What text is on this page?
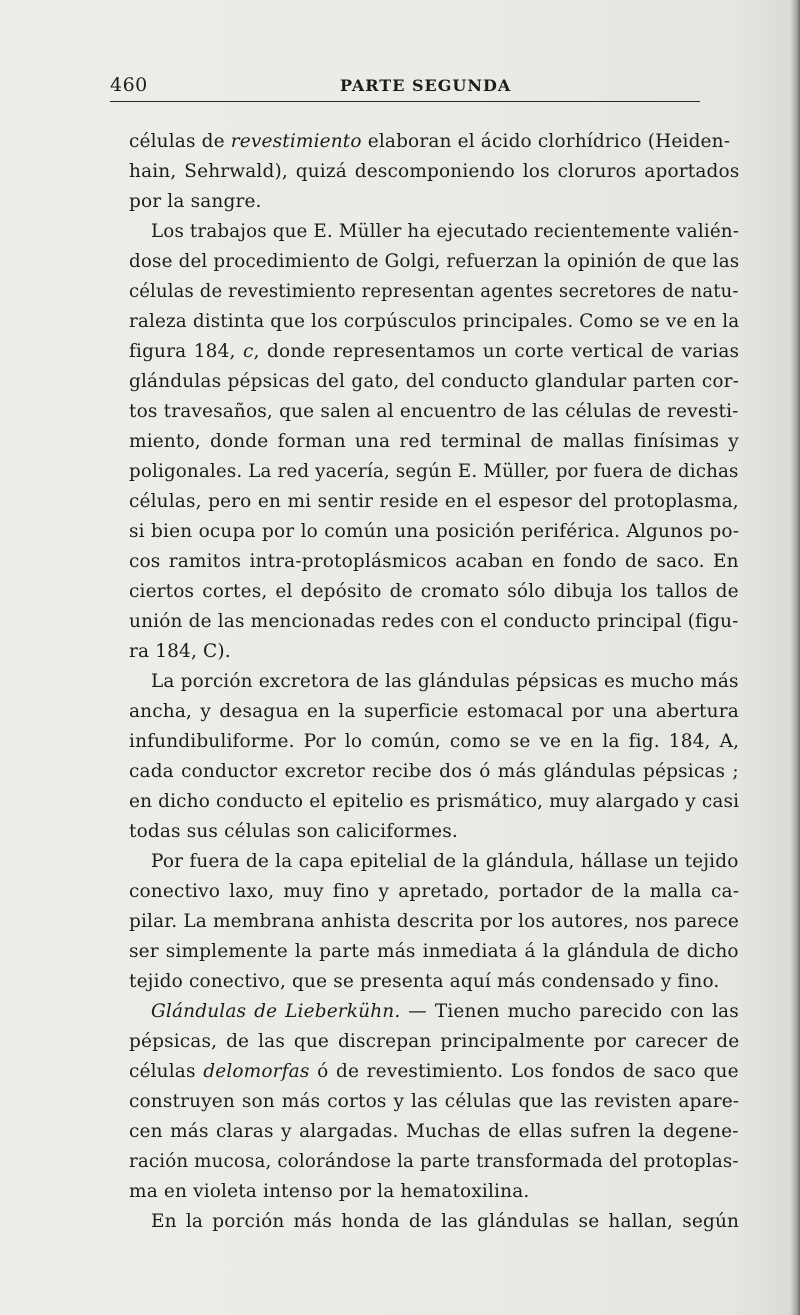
460	PARTE SEGUNDA
células de revestimiento elaboran el ácido clorhídrico (Heiden-
hain, Sehrwald), quizá descomponiendo los cloruros aportados
por la sangre.
Los trabajos que E. Müller ha ejecutado recientemente valién-
dose del procedimiento de Golgi, refuerzan la opinión de que las
células de revestimiento representan agentes secretores de natu-
raleza distinta que los corpúsculos principales. Como se ve en la
figura 184, c, donde representamos un corte vertical de varias
glándulas pépsicas del gato, del conducto glandular parten cor-
tos travesaños, que salen al encuentro de las células de revesti-
miento, donde forman una red terminal de mallas finísimas y
poligonales. La red yacería, según E. Müller, por fuera de dichas
células, pero en mi sentir reside en el espesor del protoplasma,
si bien ocupa por lo común una posición periférica. Algunos po-
cos ramitos intra-protoplásmicos acaban en fondo de saco. En
ciertos cortes, el depósito de cromato sólo dibuja los tallos de
unión de las mencionadas redes con el conducto principal (figu-
ra 184, C).
La porción excretora de las glándulas pépsicas es mucho más
ancha, y desagua en la superficie estomacal por una abertura
infundibuliforme. Por lo común, como se ve en la fig. 184, A,
cada conductor excretor recibe dos ó más glándulas pépsicas ;
en dicho conducto el epitelio es prismático, muy alargado y casi
todas sus células son caliciformes.
Por fuera de la capa epitelial de la glándula, hállase un tejido
conectivo laxo, muy fino y apretado, portador de la malla ca-
pilar. La membrana anhista descrita por los autores, nos parece
ser simplemente la parte más inmediata á la glándula de dicho
tejido conectivo, que se presenta aquí más condensado y fino.
Glándulas de Lieberkühn. — Tienen mucho parecido con las
pépsicas, de las que discrepan principalmente por carecer de
células delomorfas ó de revestimiento. Los fondos de saco que
construyen son más cortos y las células que las revisten apare-
cen más claras y alargadas. Muchas de ellas sufren la degene-
ración mucosa, colorándose la parte transformada del protoplas-
ma en violeta intenso por la hematoxilina.
En la porción más honda de las glándulas se hallan, según
